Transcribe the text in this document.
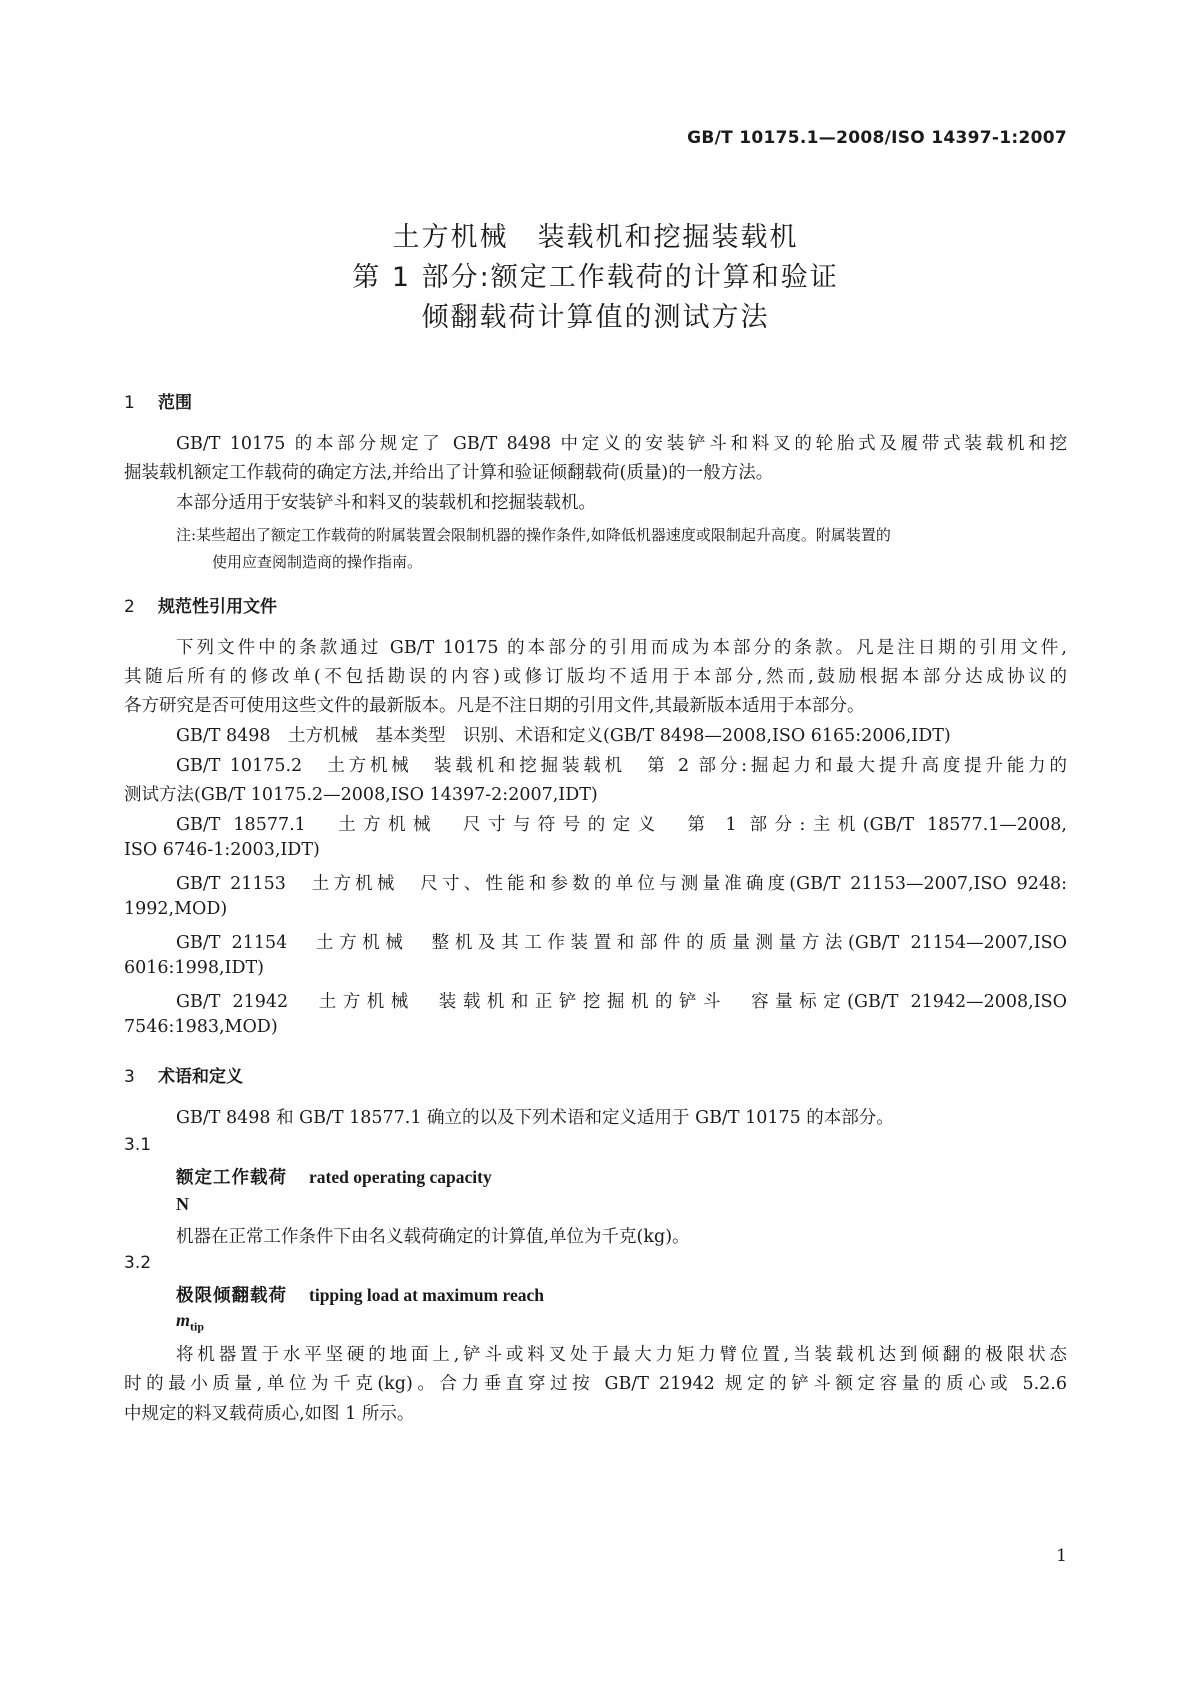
GB/T 10175.1—2008/ISO 14397-1:2007
土方机械　装载机和挖掘装载机
第 1 部分:额定工作载荷的计算和验证
倾翻载荷计算值的测试方法
1 范围
GB/T 10175 的本部分规定了 GB/T 8498 中定义的安装铲斗和料叉的轮胎式及履带式装载机和挖
掘装载机额定工作载荷的确定方法,并给出了计算和验证倾翻载荷(质量)的一般方法。
本部分适用于安装铲斗和料叉的装载机和挖掘装载机。
注:某些超出了额定工作载荷的附属装置会限制机器的操作条件,如降低机器速度或限制起升高度。附属装置的
使用应查阅制造商的操作指南。
2 规范性引用文件
下列文件中的条款通过 GB/T 10175 的本部分的引用而成为本部分的条款。凡是注日期的引用文件,
其随后所有的修改单(不包括勘误的内容)或修订版均不适用于本部分,然而,鼓励根据本部分达成协议的
各方研究是否可使用这些文件的最新版本。凡是不注日期的引用文件,其最新版本适用于本部分。
GB/T 8498　土方机械　基本类型　识别、术语和定义(GB/T 8498—2008,ISO 6165:2006,IDT)
GB/T 10175.2　土方机械　装载机和挖掘装载机　第 2 部分:掘起力和最大提升高度提升能力的
测试方法(GB/T 10175.2—2008,ISO 14397-2:2007,IDT)
GB/T 18577.1　土方机械　尺寸与符号的定义　第 1 部分:主机(GB/T 18577.1—2008,
ISO 6746-1:2003,IDT)
GB/T 21153　土方机械　尺寸、性能和参数的单位与测量准确度(GB/T 21153—2007,ISO 9248:
1992,MOD)
GB/T 21154　土方机械　整机及其工作装置和部件的质量测量方法(GB/T 21154—2007,ISO
6016:1998,IDT)
GB/T 21942　土方机械　装载机和正铲挖掘机的铲斗　容量标定(GB/T 21942—2008,ISO
7546:1983,MOD)
3 术语和定义
GB/T 8498 和 GB/T 18577.1 确立的以及下列术语和定义适用于 GB/T 10175 的本部分。
3.1
额定工作载荷 rated operating capacity
N
机器在正常工作条件下由名义载荷确定的计算值,单位为千克(kg)。
3.2
极限倾翻载荷 tipping load at maximum reach
$m_{tip}$
将机器置于水平坚硬的地面上,铲斗或料叉处于最大力矩力臂位置,当装载机达到倾翻的极限状态
时的最小质量,单位为千克(kg)。合力垂直穿过按 GB/T 21942 规定的铲斗额定容量的质心或 5.2.6
中规定的料叉载荷质心,如图 1 所示。
1
